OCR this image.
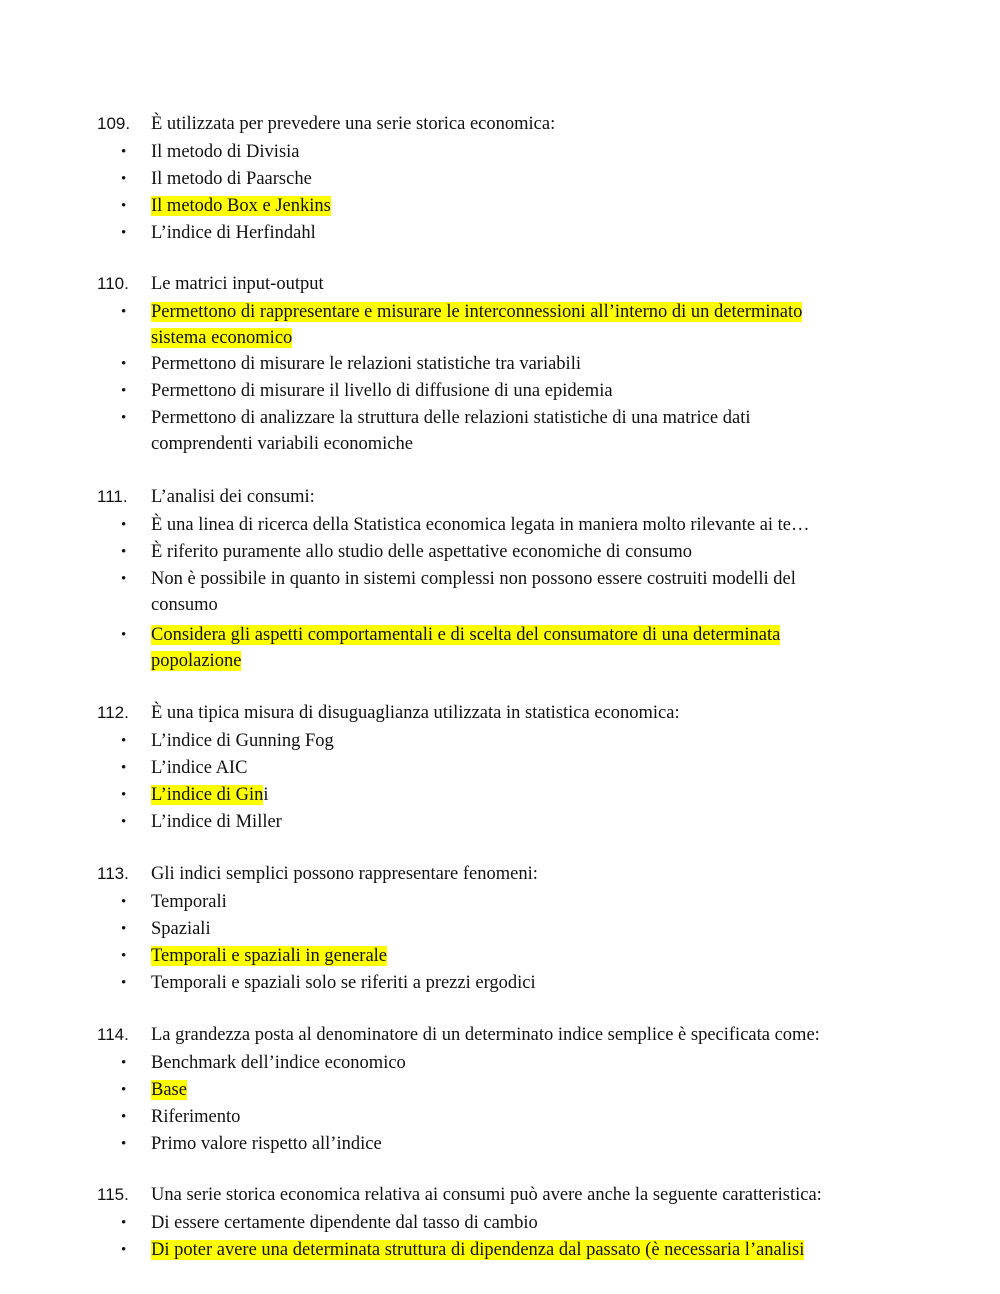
109. È utilizzata per prevedere una serie storica economica:
• Il metodo di Divisia
• Il metodo di Paarsche
• Il metodo Box e Jenkins
• L’indice di Herfindahl
110. Le matrici input-output
• Permettono di rappresentare e misurare le interconnessioni all’interno di un determinato sistema economico
• Permettono di misurare le relazioni statistiche tra variabili
• Permettono di misurare il livello di diffusione di una epidemia
• Permettono di analizzare la struttura delle relazioni statistiche di una matrice dati comprendenti variabili economiche
111. L’analisi dei consumi:
• È una linea di ricerca della Statistica economica legata in maniera molto rilevante ai te…
• È riferito puramente allo studio delle aspettative economiche di consumo
• Non è possibile in quanto in sistemi complessi non possono essere costruiti modelli del consumo
• Considera gli aspetti comportamentali e di scelta del consumatore di una determinata popolazione
112. È una tipica misura di disuguaglianza utilizzata in statistica economica:
• L’indice di Gunning Fog
• L’indice AIC
• L’indice di Gini
• L’indice di Miller
113. Gli indici semplici possono rappresentare fenomeni:
• Temporali
• Spaziali
• Temporali e spaziali in generale
• Temporali e spaziali solo se riferiti a prezzi ergodici
114. La grandezza posta al denominatore di un determinato indice semplice è specificata come:
• Benchmark dell’indice economico
• Base
• Riferimento
• Primo valore rispetto all’indice
115. Una serie storica economica relativa ai consumi può avere anche la seguente caratteristica:
• Di essere certamente dipendente dal tasso di cambio
• Di poter avere una determinata struttura di dipendenza dal passato (è necessaria l’analisi
